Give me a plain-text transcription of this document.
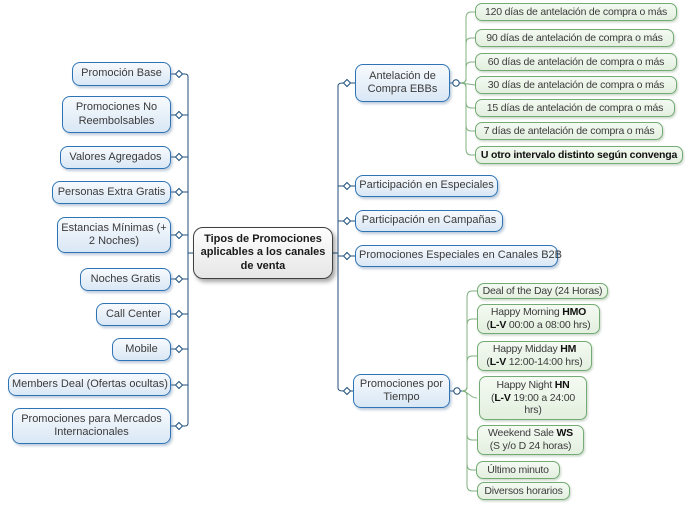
Tipos de Promociones aplicables a los canales de venta
Promoción Base
Promociones No Reembolsables
Valores Agregados
Personas Extra Gratis
Estancias Mínimas (+ 2 Noches)
Noches Gratis
Call Center
Mobile
Members Deal (Ofertas ocultas)
Promociones para Mercados Internacionales
Antelación de Compra EBBs
Participación en Especiales
Participación en Campañas
Promociones Especiales en Canales B2B
Promociones por Tiempo
120 días de antelación de compra o más
90 días de antelación de compra o más
60 días de antelación de compra o más
30 días de antelación de compra o más
15 días de antelación de compra o más
7 días de antelación de compra o más
U otro intervalo distinto según convenga
Deal of the Day (24 Horas)
Happy Morning HMO
(L-V 00:00 a 08:00 hrs)
Happy Midday HM
(L-V 12:00-14:00 hrs)
Happy Night HN
(L-V 19:00 a 24:00 hrs)
Weekend Sale WS
(S y/o D 24 horas)
Último minuto
Diversos horarios
